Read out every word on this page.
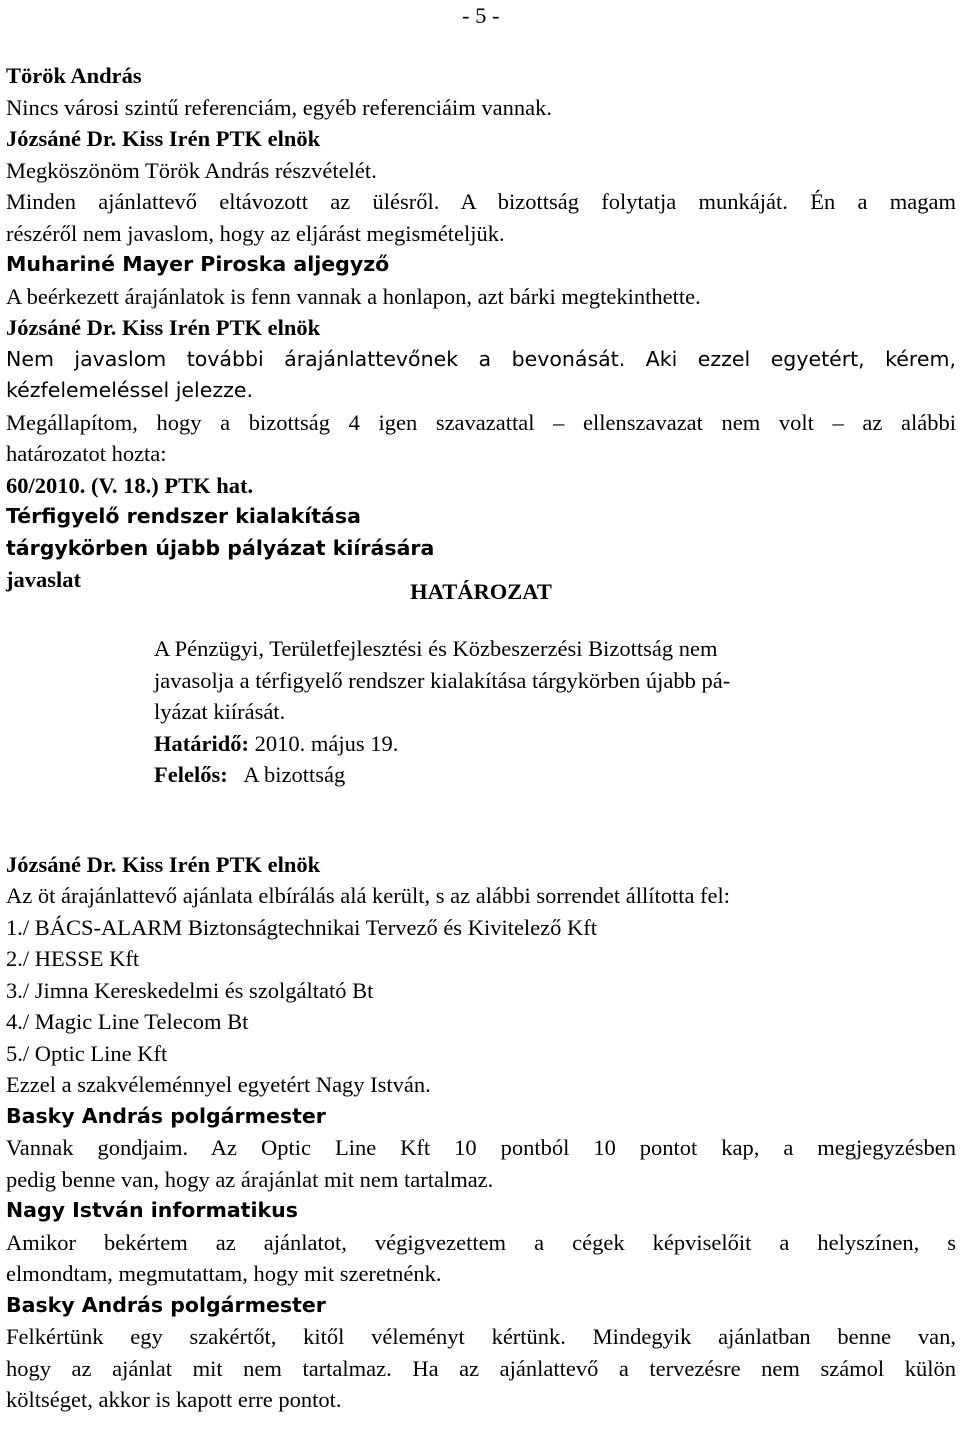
- 5 -
Török András
Nincs városi szintű referenciám, egyéb referenciáim vannak.
Józsáné Dr. Kiss Irén PTK elnök
Megköszönöm Török András részvételét.
Minden ajánlattevő eltávozott az ülésről. A bizottság folytatja munkáját. Én a magam
részéről nem javaslom, hogy az eljárást megismételjük.
Muhariné Mayer Piroska aljegyző
A beérkezett árajánlatok is fenn vannak a honlapon, azt bárki megtekinthette.
Józsáné Dr. Kiss Irén PTK elnök
Nem javaslom további árajánlattevőnek a bevonását. Aki ezzel egyetért, kérem,
kézfelemeléssel jelezze.
Megállapítom, hogy a bizottság 4 igen szavazattal – ellenszavazat nem volt – az alábbi
határozatot hozta:
60/2010. (V. 18.) PTK hat.
Térfigyelő rendszer kialakítása
tárgykörben újabb pályázat kiírására
javaslat	HATÁROZAT
A Pénzügyi, Területfejlesztési és Közbeszerzési Bizottság nem
javasolja a térfigyelő rendszer kialakítása tárgykörben újabb pá-
lyázat kiírását.
Határidő: 2010. május 19.
Felelős:   A bizottság
Józsáné Dr. Kiss Irén PTK elnök
Az öt árajánlattevő ajánlata elbírálás alá került, s az alábbi sorrendet állította fel:
1./ BÁCS-ALARM Biztonságtechnikai Tervező és Kivitelező Kft
2./ HESSE Kft
3./ Jimna Kereskedelmi és szolgáltató Bt
4./ Magic Line Telecom Bt
5./ Optic Line Kft
Ezzel a szakvéleménnyel egyetért Nagy István.
Basky András polgármester
Vannak gondjaim. Az Optic Line Kft 10 pontból 10 pontot kap, a megjegyzésben
pedig benne van, hogy az árajánlat mit nem tartalmaz.
Nagy István informatikus
Amikor bekértem az ajánlatot, végigvezettem a cégek képviselőit a helyszínen, s
elmondtam, megmutattam, hogy mit szeretnénk.
Basky András polgármester
Felkértünk egy szakértőt, kitől véleményt kértünk. Mindegyik ajánlatban benne van,
hogy az ajánlat mit nem tartalmaz. Ha az ajánlattevő a tervezésre nem számol külön
költséget, akkor is kapott erre pontot.
